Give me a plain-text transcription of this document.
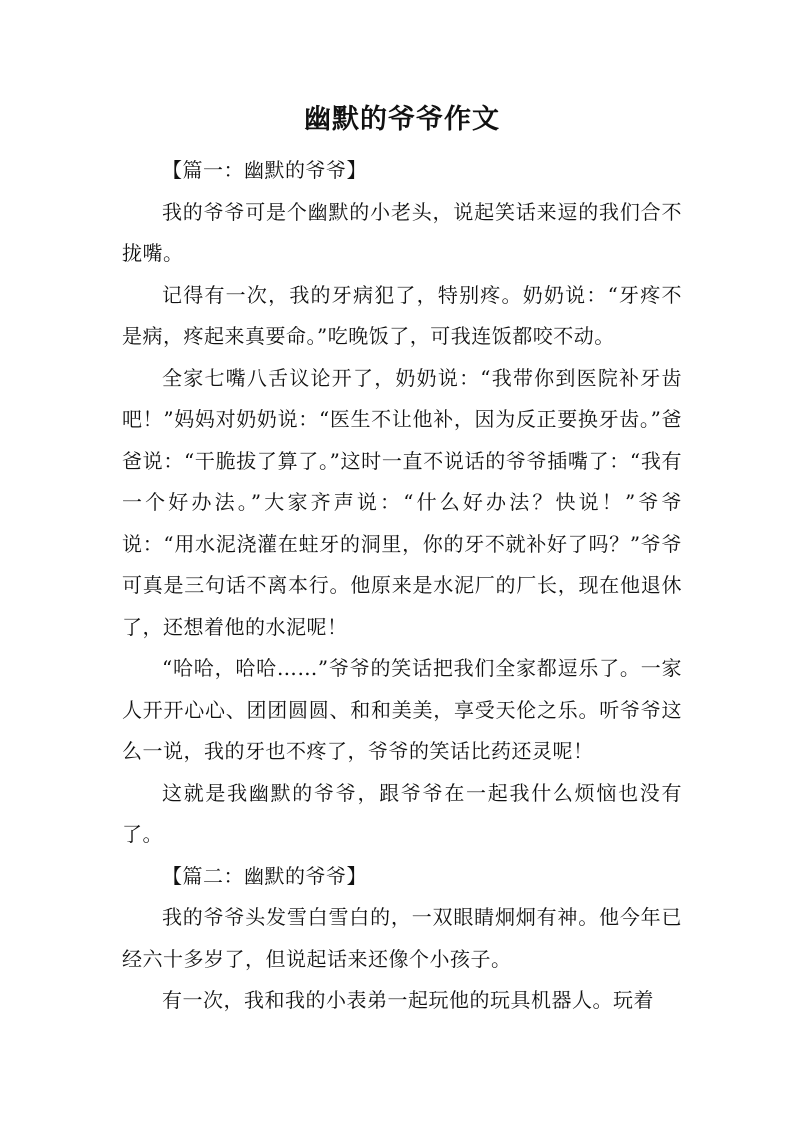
幽默的爷爷作文
【篇一：幽默的爷爷】

我的爷爷可是个幽默的小老头，说起笑话来逗的我们合不拢嘴。

记得有一次，我的牙病犯了，特别疼。奶奶说：“牙疼不是病，疼起来真要命。”吃晚饭了，可我连饭都咬不动。

全家七嘴八舌议论开了，奶奶说：“我带你到医院补牙齿吧！”妈妈对奶奶说：“医生不让他补，因为反正要换牙齿。”爸爸说：“干脆拔了算了。”这时一直不说话的爷爷插嘴了：“我有一个好办法。”大家齐声说：“什么好办法？快说！”爷爷说：“用水泥浇灌在蛀牙的洞里，你的牙不就补好了吗？”爷爷可真是三句话不离本行。他原来是水泥厂的厂长，现在他退休了，还想着他的水泥呢！

“哈哈，哈哈……”爷爷的笑话把我们全家都逗乐了。一家人开开心心、团团圆圆、和和美美，享受天伦之乐。听爷爷这么一说，我的牙也不疼了，爷爷的笑话比药还灵呢！

这就是我幽默的爷爷，跟爷爷在一起我什么烦恼也没有了。

【篇二：幽默的爷爷】

我的爷爷头发雪白雪白的，一双眼睛炯炯有神。他今年已经六十多岁了，但说起话来还像个小孩子。

有一次，我和我的小表弟一起玩他的玩具机器人。玩着
